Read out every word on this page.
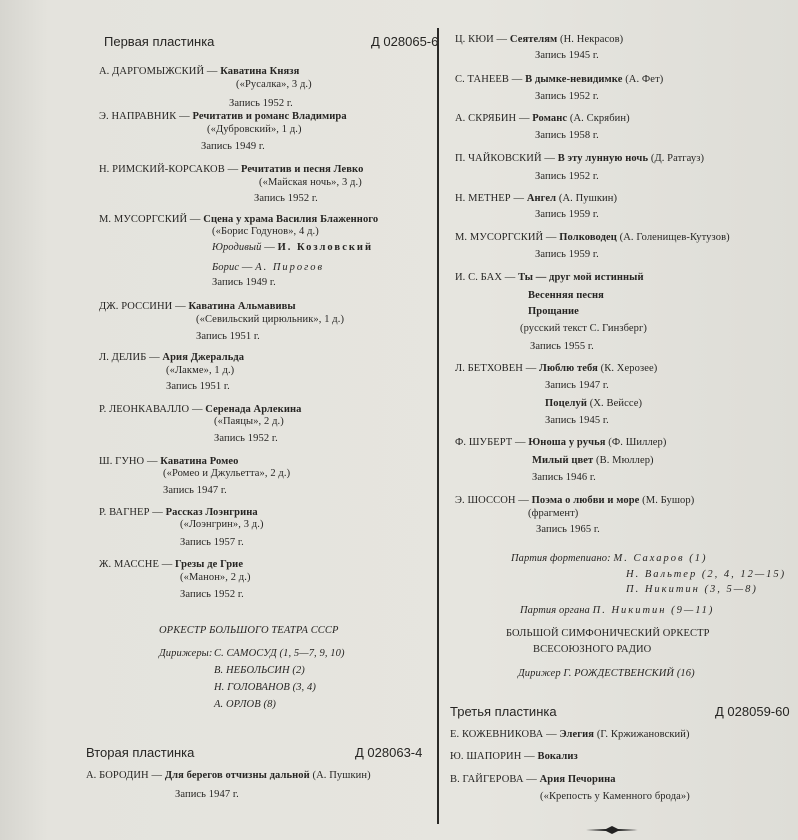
Первая пластинка	Д 028065-6
А. ДАРГОМЫЖСКИЙ — Каватина Князя
(«Русалка», 3 д.)
Запись 1952 г.
Э. НАПРАВНИК — Речитатив и романс Владимира
(«Дубровский», 1 д.)
Запись 1949 г.
Н. РИМСКИЙ-КОРСАКОВ — Речитатив и песня Левко
(«Майская ночь», 3 д.)
Запись 1952 г.
М. МУСОРГСКИЙ — Сцена у храма Василия Блаженного
(«Борис Годунов», 4 д.)
Юродивый — И. Козловский
Борис — А. Пирогов
Запись 1949 г.
ДЖ. РОССИНИ — Каватина Альмавивы
(«Севильский цирюльник», 1 д.)
Запись 1951 г.
Л. ДЕЛИБ — Ария Джеральда
(«Лакме», 1 д.)
Запись 1951 г.
Р. ЛЕОНКАВАЛЛО — Серенада Арлекина
(«Паяцы», 2 д.)
Запись 1952 г.
Ш. ГУНО — Каватина Ромео
(«Ромео и Джульетта», 2 д.)
Запись 1947 г.
Р. ВАГНЕР — Рассказ Лоэнгрина
(«Лоэнгрин», 3 д.)
Запись 1957 г.
Ж. МАССНЕ — Грезы де Грие
(«Манон», 2 д.)
Запись 1952 г.
ОРКЕСТР БОЛЬШОГО ТЕАТРА СССР
Дирижеры: С. САМОСУД (1, 5—7, 9, 10)
В. НЕБОЛЬСИН (2)
Н. ГОЛОВАНОВ (3, 4)
А. ОРЛОВ (8)
Вторая пластинка	Д 028063-4
А. БОРОДИН — Для берегов отчизны дальной (А. Пушкин)
Запись 1947 г.
Ц. КЮИ — Сеятелям (Н. Некрасов)
Запись 1945 г.
С. ТАНЕЕВ — В дымке-невидимке (А. Фет)
Запись 1952 г.
А. СКРЯБИН — Романс (А. Скрябин)
Запись 1958 г.
П. ЧАЙКОВСКИЙ — В эту лунную ночь (Д. Ратгауз)
Запись 1952 г.
Н. МЕТНЕР — Ангел (А. Пушкин)
Запись 1959 г.
М. МУСОРГСКИЙ — Полководец (А. Голенищев-Кутузов)
Запись 1959 г.
И. С. БАХ — Ты — друг мой истинный
Весенняя песня
Прощание
(русский текст С. Гинзберг)
Запись 1955 г.
Л. БЕТХОВЕН — Люблю тебя (К. Херозее)
Запись 1947 г.
Поцелуй (Х. Вейссе)
Запись 1945 г.
Ф. ШУБЕРТ — Юноша у ручья (Ф. Шиллер)
Милый цвет (В. Мюллер)
Запись 1946 г.
Э. ШОССОН — Поэма о любви и море (М. Бушор)
(фрагмент)
Запись 1965 г.
Партия фортепиано: М. Сахаров (1)
Н. Вальтер (2, 4, 12—15)
П. Никитин (3, 5—8)
Партия органа П. Никитин (9—11)
БОЛЬШОЙ СИМФОНИЧЕСКИЙ ОРКЕСТР
ВСЕСОЮЗНОГО РАДИО
Дирижер Г. РОЖДЕСТВЕНСКИЙ (16)
Третья пластинка	Д 028059-60
Е. КОЖЕВНИКОВА — Элегия (Г. Кржижановский)
Ю. ШАПОРИН — Вокализ
В. ГАЙГЕРОВА — Ария Печорина
(«Крепость у Каменного брода»)
